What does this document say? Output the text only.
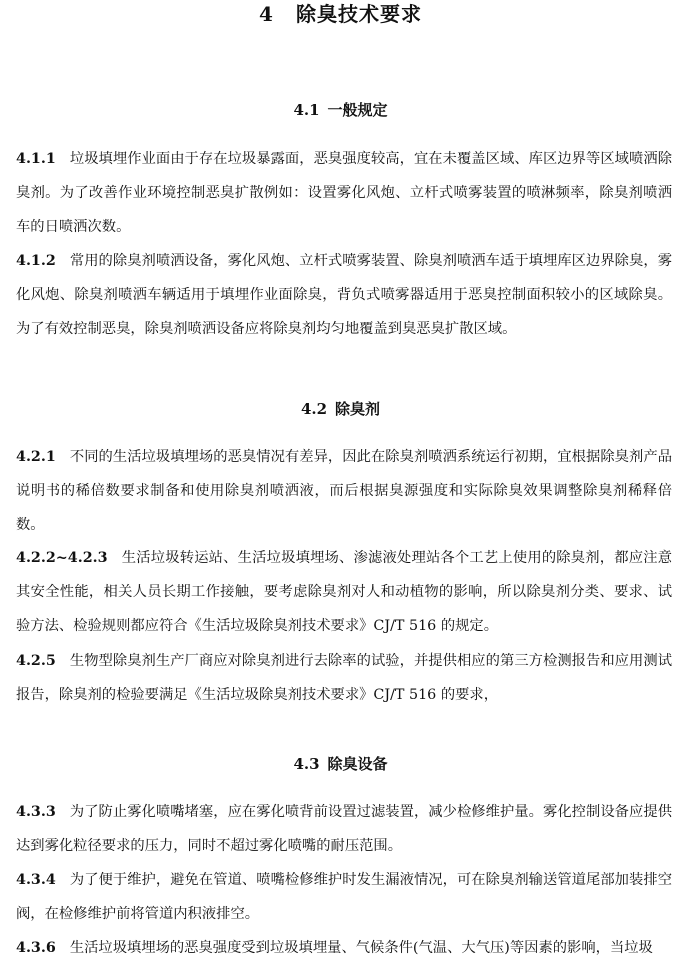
4 除臭技术要求
4.1 一般规定
4.1.1 垃圾填埋作业面由于存在垃圾暴露面，恶臭强度较高，宜在未覆盖区域、库区边界等区域喷洒除臭剂。为了改善作业环境控制恶臭扩散例如：设置雾化风炮、立杆式喷雾装置的喷淋频率，除臭剂喷洒车的日喷洒次数。
4.1.2 常用的除臭剂喷洒设备，雾化风炮、立杆式喷雾装置、除臭剂喷洒车适于填埋库区边界除臭，雾化风炮、除臭剂喷洒车辆适用于填埋作业面除臭，背负式喷雾器适用于恶臭控制面积较小的区域除臭。为了有效控制恶臭，除臭剂喷洒设备应将除臭剂均匀地覆盖到臭恶臭扩散区域。
4.2 除臭剂
4.2.1 不同的生活垃圾填埋场的恶臭情况有差异，因此在除臭剂喷洒系统运行初期，宜根据除臭剂产品说明书的稀倍数要求制备和使用除臭剂喷洒液，而后根据臭源强度和实际除臭效果调整除臭剂稀释倍数。
4.2.2~4.2.3 生活垃圾转运站、生活垃圾填埋场、渗滤液处理站各个工艺上使用的除臭剂，都应注意其安全性能，相关人员长期工作接触，要考虑除臭剂对人和动植物的影响，所以除臭剂分类、要求、试验方法、检验规则都应符合《生活垃圾除臭剂技术要求》CJ/T 516 的规定。
4.2.5 生物型除臭剂生产厂商应对除臭剂进行去除率的试验，并提供相应的第三方检测报告和应用测试报告，除臭剂的检验要满足《生活垃圾除臭剂技术要求》CJ/T 516 的要求，
4.3 除臭设备
4.3.3 为了防止雾化喷嘴堵塞，应在雾化喷背前设置过滤装置，减少检修维护量。雾化控制设备应提供达到雾化粒径要求的压力，同时不超过雾化喷嘴的耐压范围。
4.3.4 为了便于维护，避免在管道、喷嘴检修维护时发生漏液情况，可在除臭剂输送管道尾部加装排空阀，在检修维护前将管道内积液排空。
4.3.6 生活垃圾填埋场的恶臭强度受到垃圾填埋量、气候条件(气温、大气压)等因素的影响，当垃圾
